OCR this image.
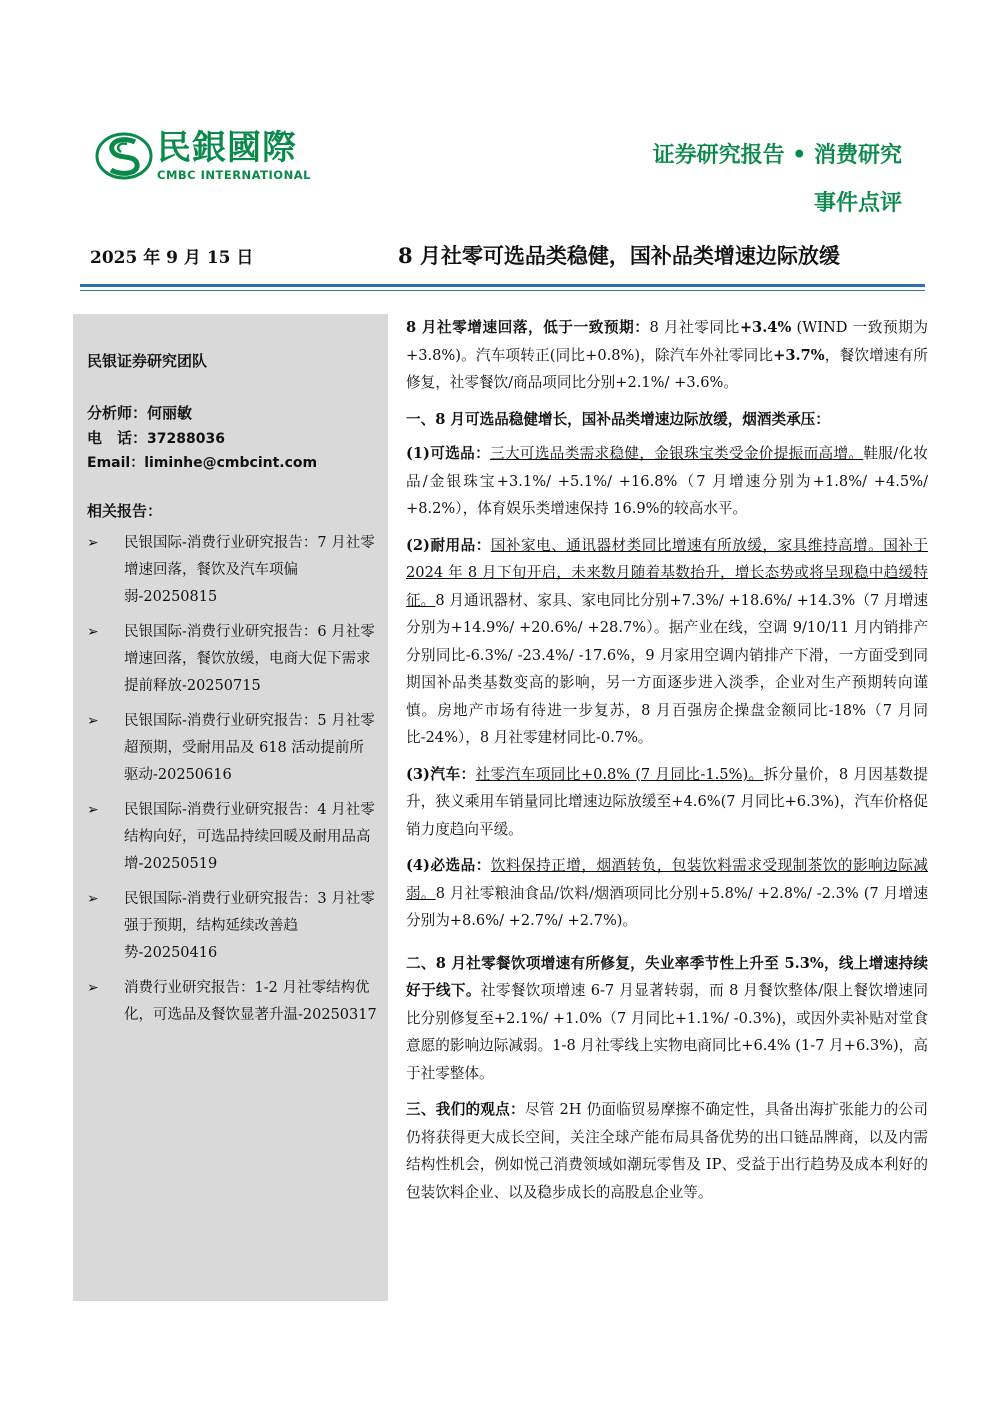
民銀國際
CMBC INTERNATIONAL
证券研究报告 • 消费研究
事件点评
2025 年 9 月 15 日	8 月社零可选品类稳健，国补品类增速边际放缓
民银证券研究团队
分析师：何丽敏
电　话：37288036
Email：liminhe@cmbcint.com
相关报告：
➢ 民银国际-消费行业研究报告：7 月社零增速回落，餐饮及汽车项偏弱-20250815
➢ 民银国际-消费行业研究报告：6 月社零增速回落，餐饮放缓，电商大促下需求提前释放-20250715
➢ 民银国际-消费行业研究报告：5 月社零超预期，受耐用品及 618 活动提前所驱动-20250616
➢ 民银国际-消费行业研究报告：4 月社零结构向好，可选品持续回暖及耐用品高增-20250519
➢ 民银国际-消费行业研究报告：3 月社零强于预期，结构延续改善趋势-20250416
➢ 消费行业研究报告：1-2 月社零结构优化，可选品及餐饮显著升温-20250317

8 月社零增速回落，低于一致预期：8 月社零同比+3.4% (WIND 一致预期为+3.8%)。汽车项转正(同比+0.8%)，除汽车外社零同比+3.7%，餐饮增速有所修复，社零餐饮/商品项同比分别+2.1%/ +3.6%。

一、8 月可选品稳健增长，国补品类增速边际放缓，烟酒类承压：

(1)可选品：三大可选品类需求稳健，金银珠宝类受金价提振而高增。鞋服/化妆品/金银珠宝+3.1%/ +5.1%/ +16.8%（7 月增速分别为+1.8%/ +4.5%/ +8.2%），体育娱乐类增速保持 16.9%的较高水平。

(2)耐用品：国补家电、通讯器材类同比增速有所放缓，家具维持高增。国补于 2024 年 8 月下旬开启，未来数月随着基数抬升，增长态势或将呈现稳中趋缓特征。8 月通讯器材、家具、家电同比分别+7.3%/ +18.6%/ +14.3%（7 月增速分别为+14.9%/ +20.6%/ +28.7%）。据产业在线，空调 9/10/11 月内销排产分别同比-6.3%/ -23.4%/ -17.6%，9 月家用空调内销排产下滑，一方面受到同期国补品类基数变高的影响，另一方面逐步进入淡季，企业对生产预期转向谨慎。房地产市场有待进一步复苏，8 月百强房企操盘金额同比-18%（7 月同比-24%），8 月社零建材同比-0.7%。

(3)汽车：社零汽车项同比+0.8% (7 月同比-1.5%)。拆分量价，8 月因基数提升，狭义乘用车销量同比增速边际放缓至+4.6%(7 月同比+6.3%)，汽车价格促销力度趋向平缓。

(4)必选品：饮料保持正增，烟酒转负，包装饮料需求受现制茶饮的影响边际减弱。8 月社零粮油食品/饮料/烟酒项同比分别+5.8%/ +2.8%/ -2.3% (7 月增速分别为+8.6%/ +2.7%/ +2.7%)。

二、8 月社零餐饮项增速有所修复，失业率季节性上升至 5.3%，线上增速持续好于线下。社零餐饮项增速 6-7 月显著转弱，而 8 月餐饮整体/限上餐饮增速同比分别修复至+2.1%/ +1.0%（7 月同比+1.1%/ -0.3%)，或因外卖补贴对堂食意愿的影响边际减弱。1-8 月社零线上实物电商同比+6.4% (1-7 月+6.3%)，高于社零整体。

三、我们的观点：尽管 2H 仍面临贸易摩擦不确定性，具备出海扩张能力的公司仍将获得更大成长空间，关注全球产能布局具备优势的出口链品牌商，以及内需结构性机会，例如悦己消费领域如潮玩零售及 IP、受益于出行趋势及成本利好的包装饮料企业、以及稳步成长的高股息企业等。
